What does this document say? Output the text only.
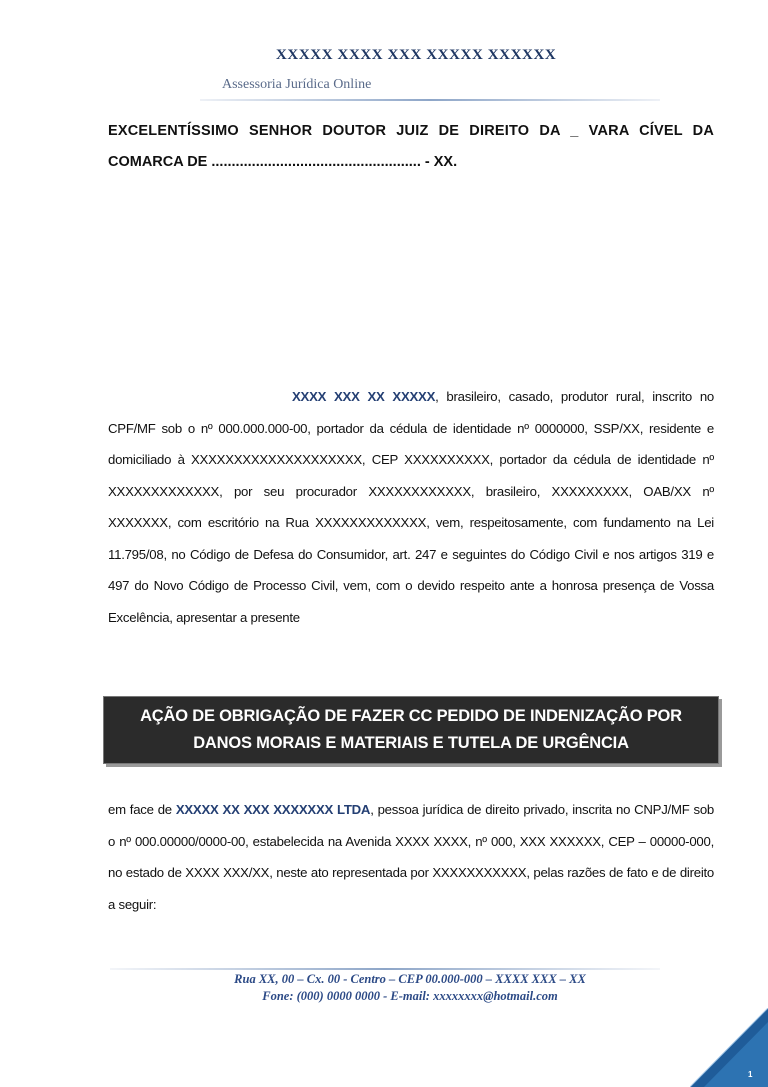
XXXXX XXXX XXX XXXXX XXXXXX
Assessoria Jurídica Online
EXCELENTÍSSIMO SENHOR DOUTOR JUIZ DE DIREITO DA _ VARA CÍVEL DA
COMARCA DE .................................................... - XX.
XXXX XXX XX XXXXX, brasileiro, casado, produtor rural, inscrito no CPF/MF sob o nº 000.000.000-00, portador da cédula de identidade nº 0000000, SSP/XX, residente e domiciliado à XXXXXXXXXXXXXXXXXXXX, CEP XXXXXXXXXX, portador da cédula de identidade nº XXXXXXXXXXXXX, por seu procurador XXXXXXXXXXXX, brasileiro, XXXXXXXXX, OAB/XX nº XXXXXXX, com escritório na Rua XXXXXXXXXXXXX, vem, respeitosamente, com fundamento na Lei 11.795/08, no Código de Defesa do Consumidor, art. 247 e seguintes do Código Civil e nos artigos 319 e 497 do Novo Código de Processo Civil, vem, com o devido respeito ante a honrosa presença de Vossa Excelência, apresentar a presente
AÇÃO DE OBRIGAÇÃO DE FAZER CC PEDIDO DE INDENIZAÇÃO POR
DANOS MORAIS E MATERIAIS E TUTELA DE URGÊNCIA
em face de XXXXX XX XXX XXXXXXX LTDA, pessoa jurídica de direito privado, inscrita no CNPJ/MF sob o nº 000.00000/0000-00, estabelecida na Avenida XXXX XXXX, nº 000, XXX XXXXXX, CEP – 00000-000, no estado de XXXX XXX/XX, neste ato representada por XXXXXXXXXXX, pelas razões de fato e de direito a seguir:
Rua XX, 00 – Cx. 00 - Centro – CEP 00.000-000 – XXXX XXX – XX
Fone: (000) 0000 0000 - E-mail: xxxxxxxx@hotmail.com
1
